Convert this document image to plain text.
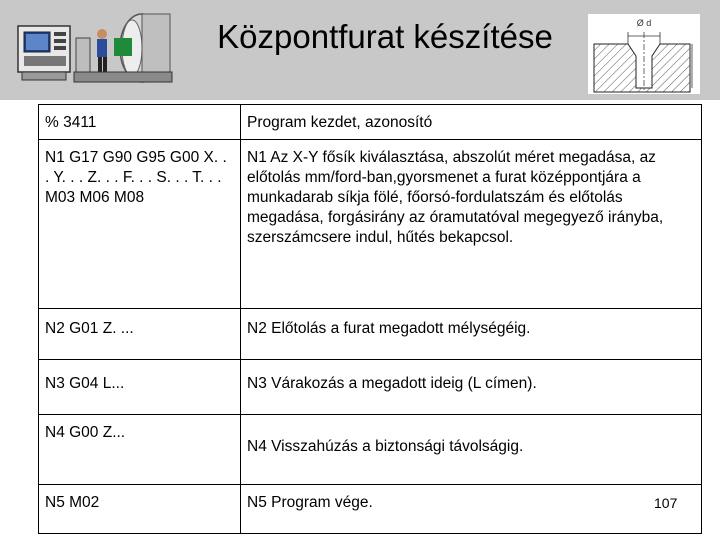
Központfurat készítése	Ø d
% 3411	Program kezdet, azonosító
N1 G17 G90 G95 G00 X. . . Y. . . Z. . . F. . . S. . . T. . . M03 M06 M08	N1 Az X-Y fősík kiválasztása, abszolút méret megadása, az előtolás mm/ford-ban,gyorsmenet a furat középpontjára a munkadarab síkja fölé, főorsó-fordulatszám és előtolás megadása, forgásirány az óramutatóval megegyező irányba, szerszámcsere indul, hűtés bekapcsol.
N2 G01 Z. ...	N2 Előtolás a furat megadott mélységéig.
N3 G04 L...	N3 Várakozás a megadott ideig (L címen).
N4 G00 Z...	N4 Visszahúzás a biztonsági távolságig.
N5 M02	N5 Program vége.	107
